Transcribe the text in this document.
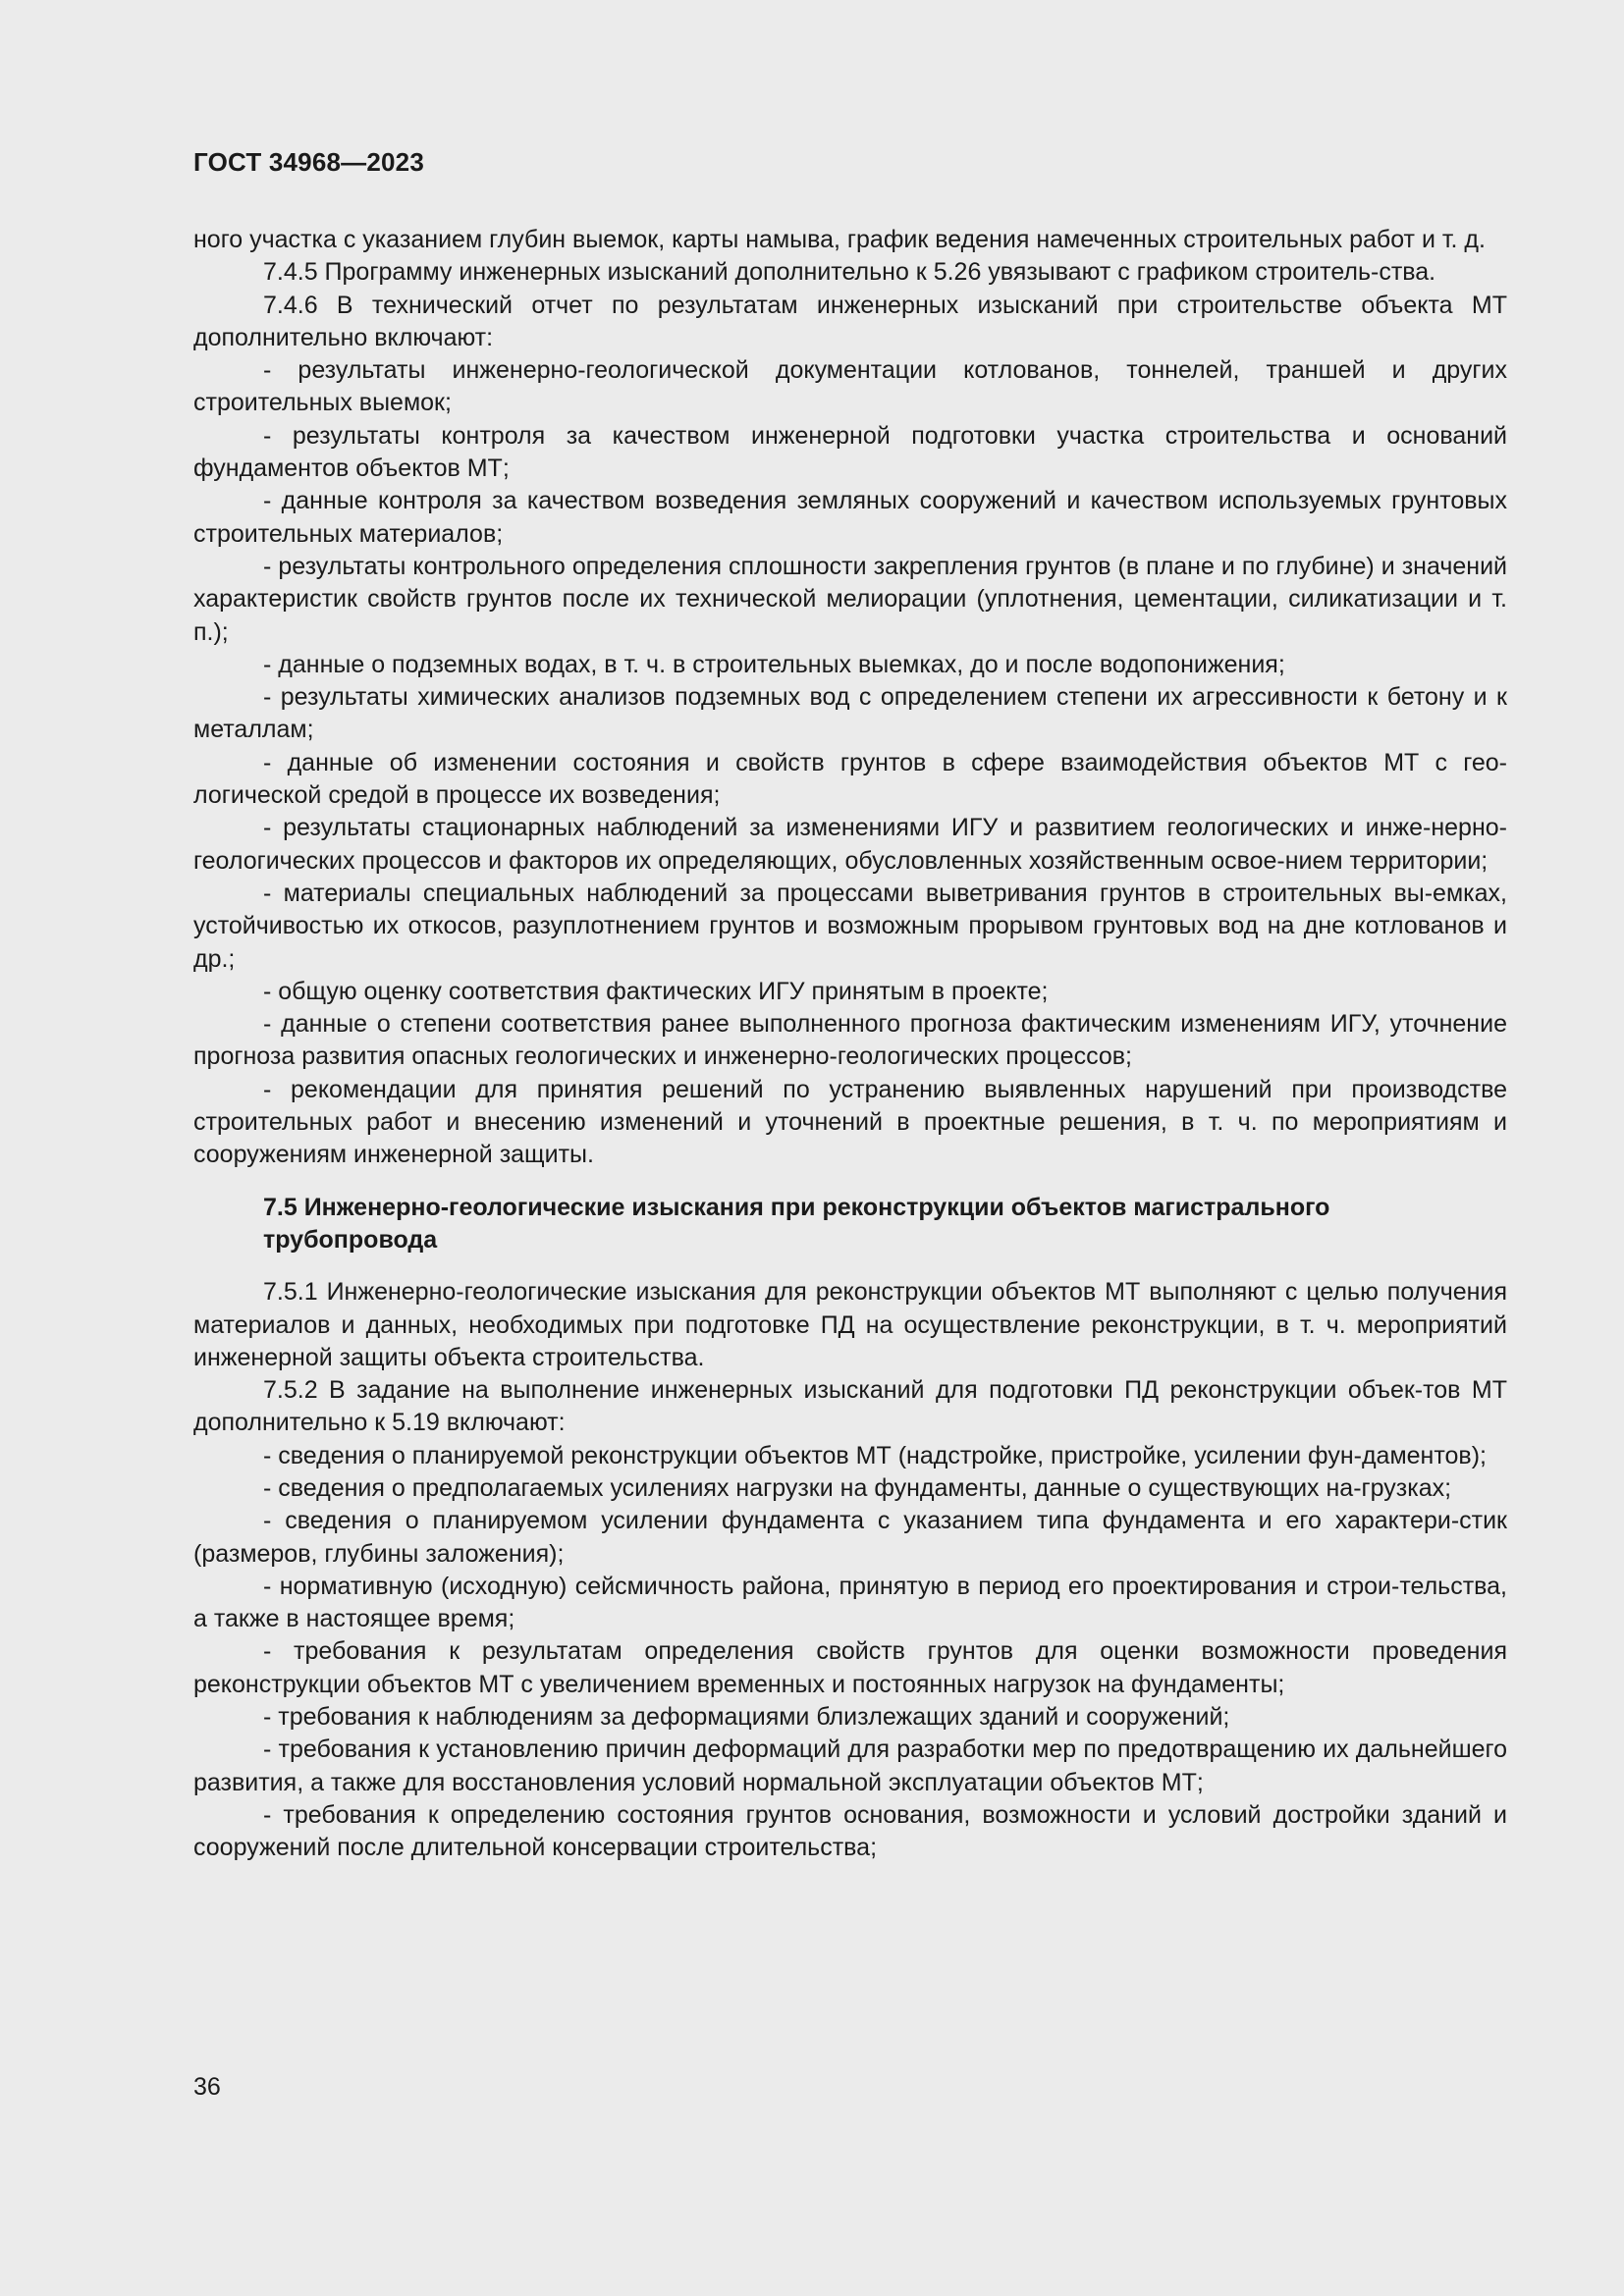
ГОСТ 34968—2023

ного участка с указанием глубин выемок, карты намыва, график ведения намеченных строительных работ и т. д.

7.4.5 Программу инженерных изысканий дополнительно к 5.26 увязывают с графиком строитель-ства.

7.4.6 В технический отчет по результатам инженерных изысканий при строительстве объекта МТ дополнительно включают:

- результаты инженерно-геологической документации котлованов, тоннелей, траншей и других строительных выемок;

- результаты контроля за качеством инженерной подготовки участка строительства и оснований фундаментов объектов МТ;

- данные контроля за качеством возведения земляных сооружений и качеством используемых грунтовых строительных материалов;

- результаты контрольного определения сплошности закрепления грунтов (в плане и по глубине) и значений характеристик свойств грунтов после их технической мелиорации (уплотнения, цементации, силикатизации и т. п.);

- данные о подземных водах, в т. ч. в строительных выемках, до и после водопонижения;

- результаты химических анализов подземных вод с определением степени их агрессивности к бетону и к металлам;

- данные об изменении состояния и свойств грунтов в сфере взаимодействия объектов МТ с гео-логической средой в процессе их возведения;

- результаты стационарных наблюдений за изменениями ИГУ и развитием геологических и инже-нерно-геологических процессов и факторов их определяющих, обусловленных хозяйственным освое-нием территории;

- материалы специальных наблюдений за процессами выветривания грунтов в строительных вы-емках, устойчивостью их откосов, разуплотнением грунтов и возможным прорывом грунтовых вод на дне котлованов и др.;

- общую оценку соответствия фактических ИГУ принятым в проекте;

- данные о степени соответствия ранее выполненного прогноза фактическим изменениям ИГУ, уточнение прогноза развития опасных геологических и инженерно-геологических процессов;

- рекомендации для принятия решений по устранению выявленных нарушений при производстве строительных работ и внесению изменений и уточнений в проектные решения, в т. ч. по мероприятиям и сооружениям инженерной защиты.

7.5 Инженерно-геологические изыскания при реконструкции объектов магистрального трубопровода

7.5.1 Инженерно-геологические изыскания для реконструкции объектов МТ выполняют с целью получения материалов и данных, необходимых при подготовке ПД на осуществление реконструкции, в т. ч. мероприятий инженерной защиты объекта строительства.

7.5.2 В задание на выполнение инженерных изысканий для подготовки ПД реконструкции объек-тов МТ дополнительно к 5.19 включают:

- сведения о планируемой реконструкции объектов МТ (надстройке, пристройке, усилении фун-даментов);

- сведения о предполагаемых усилениях нагрузки на фундаменты, данные о существующих на-грузках;

- сведения о планируемом усилении фундамента с указанием типа фундамента и его характери-стик (размеров, глубины заложения);

- нормативную (исходную) сейсмичность района, принятую в период его проектирования и строи-тельства, а также в настоящее время;

- требования к результатам определения свойств грунтов для оценки возможности проведения реконструкции объектов МТ с увеличением временных и постоянных нагрузок на фундаменты;

- требования к наблюдениям за деформациями близлежащих зданий и сооружений;

- требования к установлению причин деформаций для разработки мер по предотвращению их дальнейшего развития, а также для восстановления условий нормальной эксплуатации объектов МТ;

- требования к определению состояния грунтов основания, возможности и условий достройки зданий и сооружений после длительной консервации строительства;

36
